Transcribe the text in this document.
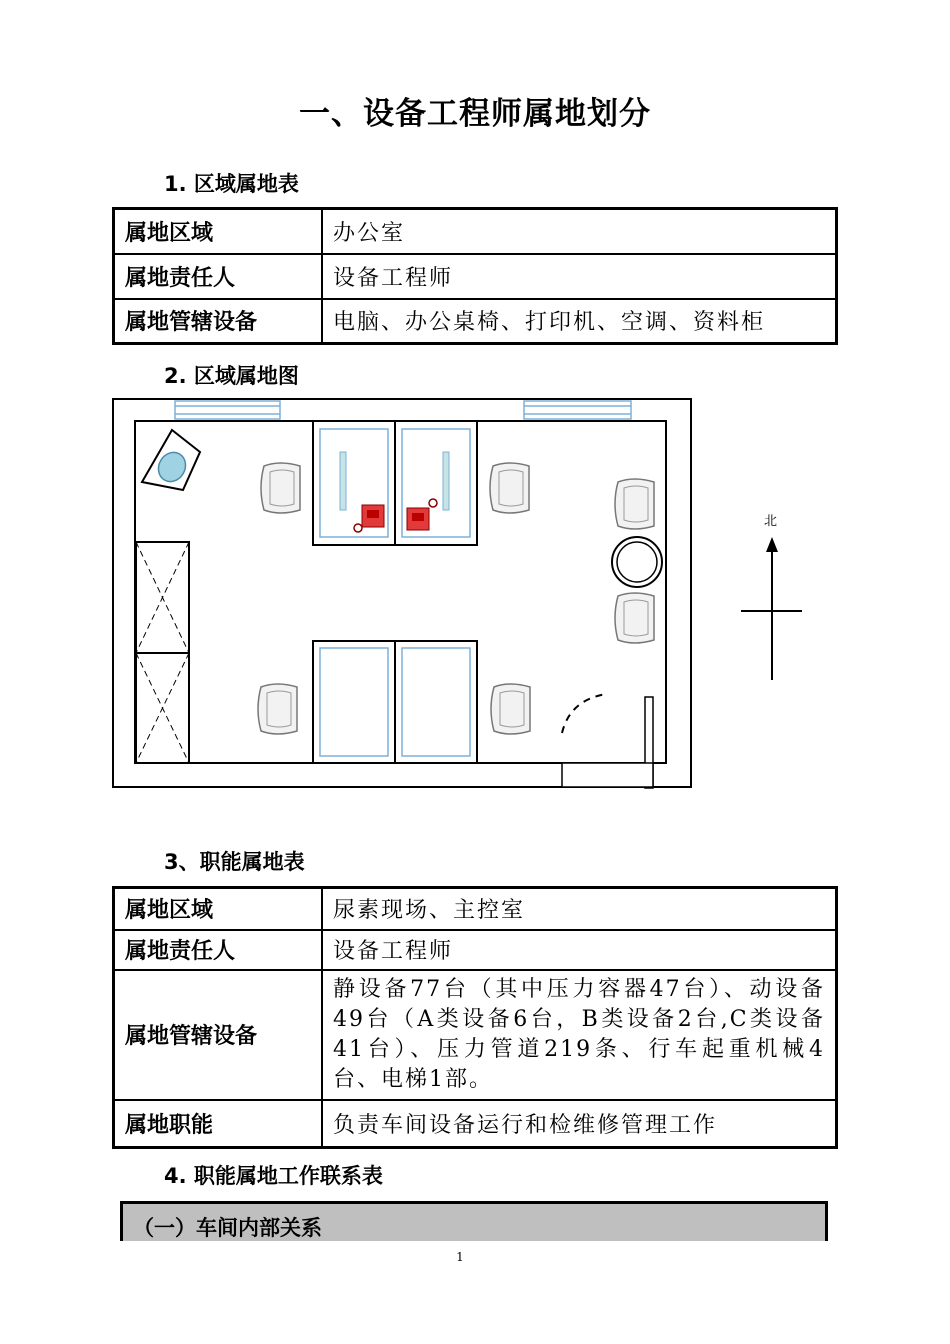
一、设备工程师属地划分
1. 区域属地表
属地区域	办公室
属地责任人	设备工程师
属地管辖设备	电脑、办公桌椅、打印机、空调、资料柜
2. 区域属地图
北
3、职能属地表
属地区域	尿素现场、主控室
属地责任人	设备工程师
属地管辖设备	静设备77台（其中压力容器47台）、动设备49台（A类设备6台，B类设备2台,C类设备41台）、压力管道219条、行车起重机械4台、电梯1部。
属地职能	负责车间设备运行和检维修管理工作
4. 职能属地工作联系表
（一）车间内部关系
1
